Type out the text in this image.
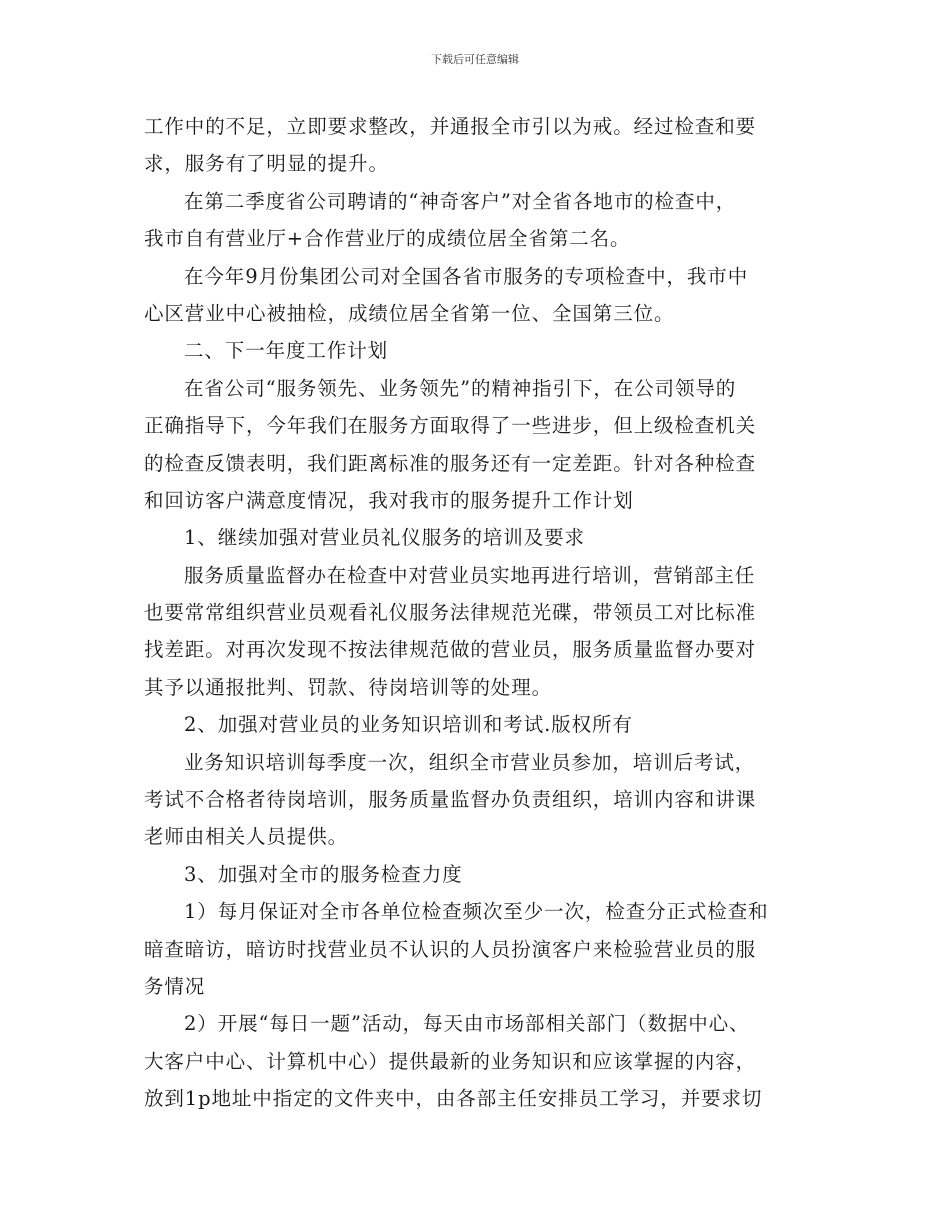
下载后可任意编辑
工作中的不足，立即要求整改，并通报全市引以为戒。经过检查和要
求，服务有了明显的提升。
在第二季度省公司聘请的“神奇客户”对全省各地市的检查中，
我市自有营业厅+合作营业厅的成绩位居全省第二名。
在今年9月份集团公司对全国各省市服务的专项检查中，我市中
心区营业中心被抽检，成绩位居全省第一位、全国第三位。
二、下一年度工作计划
在省公司“服务领先、业务领先”的精神指引下，在公司领导的
正确指导下，今年我们在服务方面取得了一些进步，但上级检查机关
的检查反馈表明，我们距离标准的服务还有一定差距。针对各种检查
和回访客户满意度情况，我对我市的服务提升工作计划
1、继续加强对营业员礼仪服务的培训及要求
服务质量监督办在检查中对营业员实地再进行培训，营销部主任
也要常常组织营业员观看礼仪服务法律规范光碟，带领员工对比标准
找差距。对再次发现不按法律规范做的营业员，服务质量监督办要对
其予以通报批判、罚款、待岗培训等的处理。
2、加强对营业员的业务知识培训和考试.版权所有
业务知识培训每季度一次，组织全市营业员参加，培训后考试，
考试不合格者待岗培训，服务质量监督办负责组织，培训内容和讲课
老师由相关人员提供。
3、加强对全市的服务检查力度
1）每月保证对全市各单位检查频次至少一次，检查分正式检查和
暗查暗访，暗访时找营业员不认识的人员扮演客户来检验营业员的服
务情况
2）开展“每日一题”活动，每天由市场部相关部门（数据中心、
大客户中心、计算机中心）提供最新的业务知识和应该掌握的内容，
放到1p地址中指定的文件夹中，由各部主任安排员工学习，并要求切
